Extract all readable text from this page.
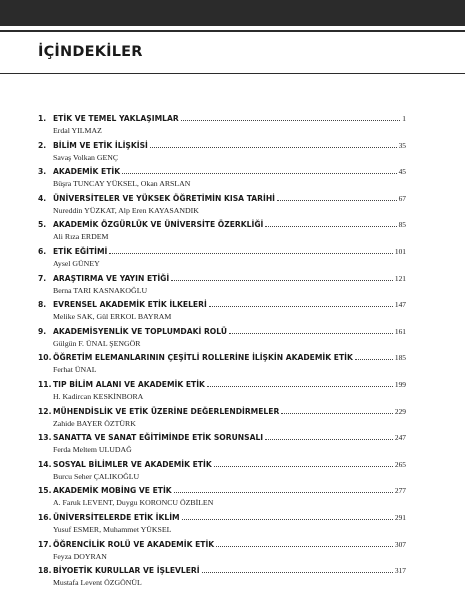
İÇİNDEKİLER
1. ETİK VE TEMEL YAKLAŞIMLAR	1
Erdal YILMAZ
2. BİLİM VE ETİK İLİŞKİSİ	35
Savaş Volkan GENÇ
3. AKADEMİK ETİK	45
Büşra TUNCAY YÜKSEL, Okan ARSLAN
4. ÜNİVERSİTELER VE YÜKSEK ÖĞRETİMİN KISA TARİHİ	67
Nureddin YÜZKAT, Alp Eren KAYASANDIK
5. AKADEMİK ÖZGÜRLÜK VE ÜNİVERSİTE ÖZERKLİĞİ	85
Ali Rıza ERDEM
6. ETİK EĞİTİMİ	101
Aysel GÜNEY
7. ARAŞTIRMA VE YAYIN ETİĞİ	121
Berna TARI KASNAKOĞLU
8. EVRENSEL AKADEMİK ETİK İLKELERİ	147
Melike SAK, Gül ERKOL BAYRAM
9. AKADEMİSYENLİK VE TOPLUMDAKİ ROLÜ	161
Gülgün F. ÜNAL ŞENGÖR
10. ÖĞRETİM ELEMANLARININ ÇEŞİTLİ ROLLERİNE İLİŞKİN AKADEMİK ETİK	185
Ferhat ÜNAL
11. TIP BİLİM ALANI VE AKADEMİK ETİK	199
H. Kadircan KESKİNBORA
12. MÜHENDİSLİK VE ETİK ÜZERİNE DEĞERLENDİRMELER	229
Zahide BAYER ÖZTÜRK
13. SANATTA VE SANAT EĞİTİMİNDE ETİK SORUNSALI	247
Ferda Meltem ULUDAĞ
14. SOSYAL BİLİMLER VE AKADEMİK ETİK	265
Burcu Seher ÇALIKOĞLU
15. AKADEMİK MOBİNG VE ETİK	277
A. Faruk LEVENT, Duygu KORONCU ÖZBİLEN
16. ÜNİVERSİTELERDE ETİK İKLİM	291
Yusuf ESMER, Muhammet YÜKSEL
17. ÖĞRENCİLİK ROLÜ VE AKADEMİK ETİK	307
Feyza DOYRAN
18. BİYOETİK KURULLAR VE İŞLEVLERİ	317
Mustafa Levent ÖZGÖNÜL
